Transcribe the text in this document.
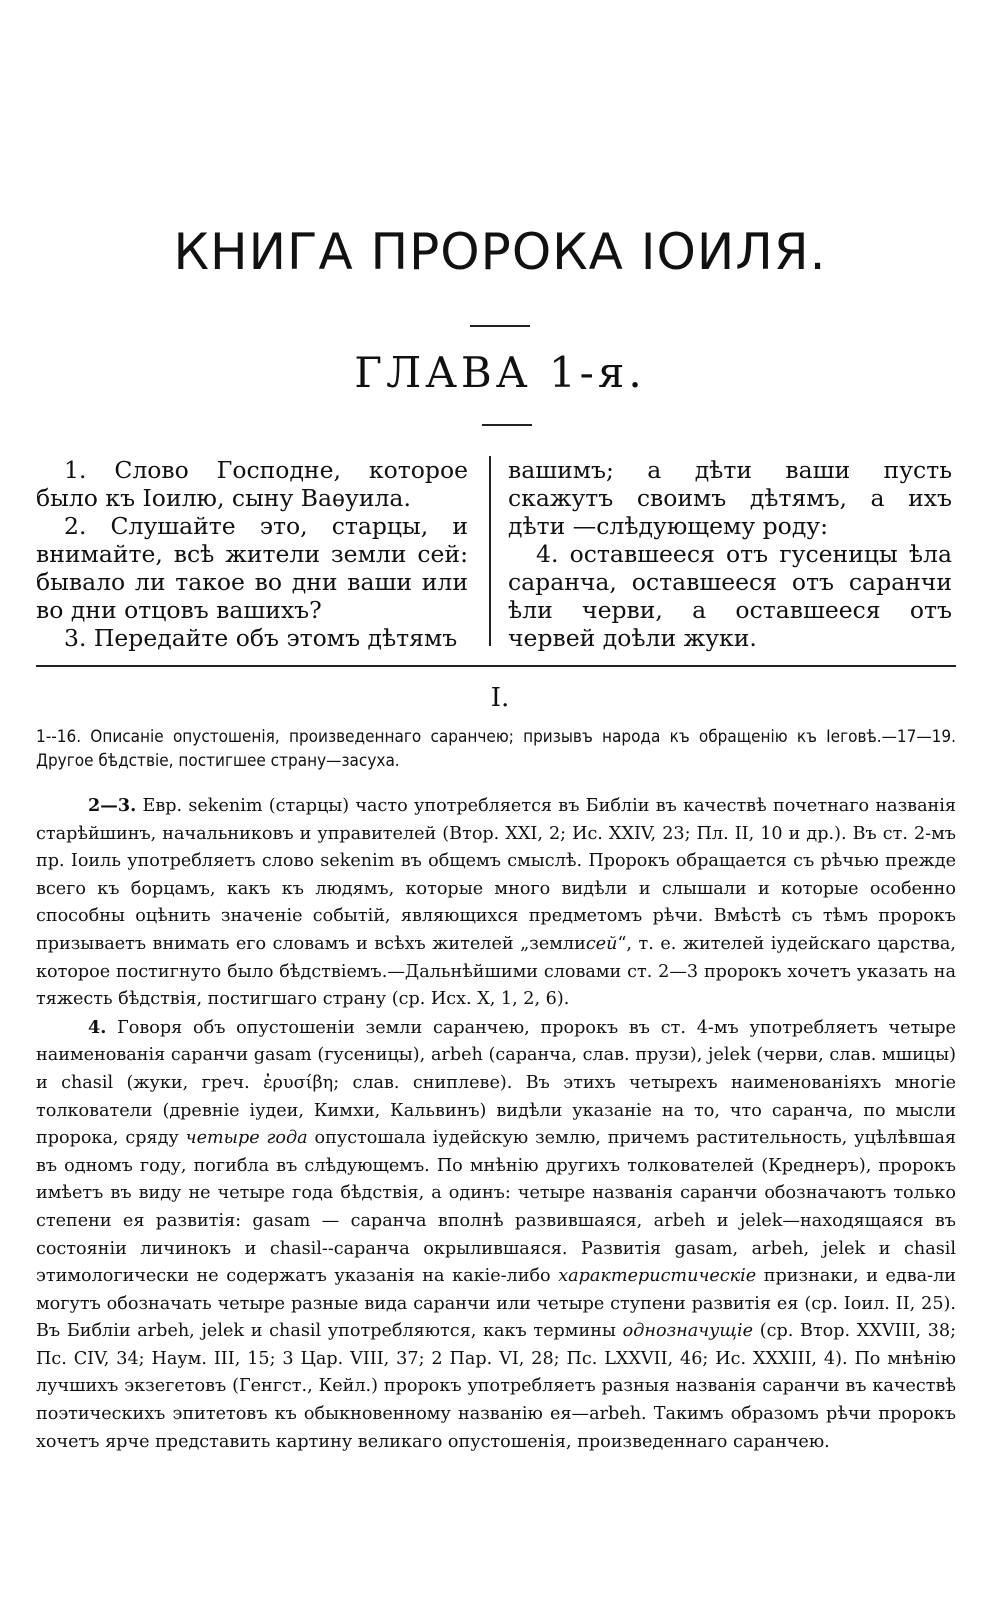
КНИГА ПРОРОКА ІОИЛЯ.
ГЛАВА 1-я.

1. Слово Господне, которое было къ Іоилю, сыну Ваѳуила.

2. Слушайте это, старцы, и внимайте, всѣ жители земли сей: бывало ли такое во дни ваши или во дни отцовъ вашихъ?

3. Передайте объ этомъ дѣтямъ

вашимъ; а дѣти ваши пусть скажутъ своимъ дѣтямъ, а ихъ дѣти —слѣдующему роду:

4. оставшееся отъ гусеницы ѣла саранча, оставшееся отъ саранчи ѣли черви, а оставшееся отъ червей доѣли жуки.

I.

1--16. Описаніе опустошенія, произведеннаго саранчею; призывъ народа къ обращенію къ Іеговѣ.—17—19. Другое бѣдствіе, постигшее страну—засуха.

2—3. Евр. sekenim (старцы) часто употребляется въ Библіи въ качествѣ почетнаго названія старѣйшинъ, начальниковъ и управителей (Втор. XXI, 2; Ис. XXIV, 23; Пл. II, 10 и др.). Въ ст. 2-мъ пр. Іоиль употребляетъ слово sekenim въ общемъ смыслѣ. Пророкъ обращается съ рѣчью прежде всего къ борцамъ, какъ къ людямъ, которые много видѣли и слышали и которые особенно способны оцѣнить значеніе событій, являющихся предметомъ рѣчи. Вмѣстѣ съ тѣмъ пророкъ призываетъ внимать его словамъ и всѣхъ жителей „землисей“, т. е. жителей іудейскаго царства, которое постигнуто было бѣдствіемъ.—Дальнѣйшими словами ст. 2—3 пророкъ хочетъ указать на тяжесть бѣдствія, постигшаго страну (ср. Исх. X, 1, 2, 6).

4. Говоря объ опустошеніи земли саранчею, пророкъ въ ст. 4-мъ употребляетъ четыре наименованія саранчи gasam (гусеницы), arbeh (саранча, слав. прузи), jelek (черви, слав. мшицы) и chasil (жуки, греч. ἐρυσίβη; слав. сниплеве). Въ этихъ четырехъ наименованіяхъ многіе толкователи (древніе іудеи, Кимхи, Кальвинъ) видѣли указаніе на то, что саранча, по мысли пророка, сряду четыре года опустошала іудейскую землю, причемъ растительность, уцѣлѣвшая въ одномъ году, погибла въ слѣдующемъ. По мнѣнію другихъ толкователей (Креднеръ), пророкъ имѣетъ въ виду не четыре года бѣдствія, а одинъ: четыре названія саранчи обозначаютъ только степени ея развитія: gasam — саранча вполнѣ развившаяся, arbeh и jelek—находящаяся въ состояніи личинокъ и chasil--саранча окрылившаяся. Развитія gasam, arbeh, jelek и chasil этимологически не содержатъ указанія на какіе-либо характеристическіе признаки, и едва-ли могутъ обозначать четыре разные вида саранчи или четыре ступени развитія ея (ср. Іоил. II, 25). Въ Библіи arbeh, jelek и chasil употребляются, какъ термины однозначущіе (ср. Втор. XXVIII, 38; Пс. CIV, 34; Наум. III, 15; 3 Цар. VIII, 37; 2 Пар. VI, 28; Пс. LXXVII, 46; Ис. XXXIII, 4). По мнѣнію лучшихъ экзегетовъ (Генгст., Кейл.) пророкъ употребляетъ разныя названія саранчи въ качествѣ поэтическихъ эпитетовъ къ обыкновенному названію ея—arbeh. Такимъ образомъ рѣчи пророкъ хочетъ ярче представить картину великаго опустошенія, произведеннаго саранчею.
